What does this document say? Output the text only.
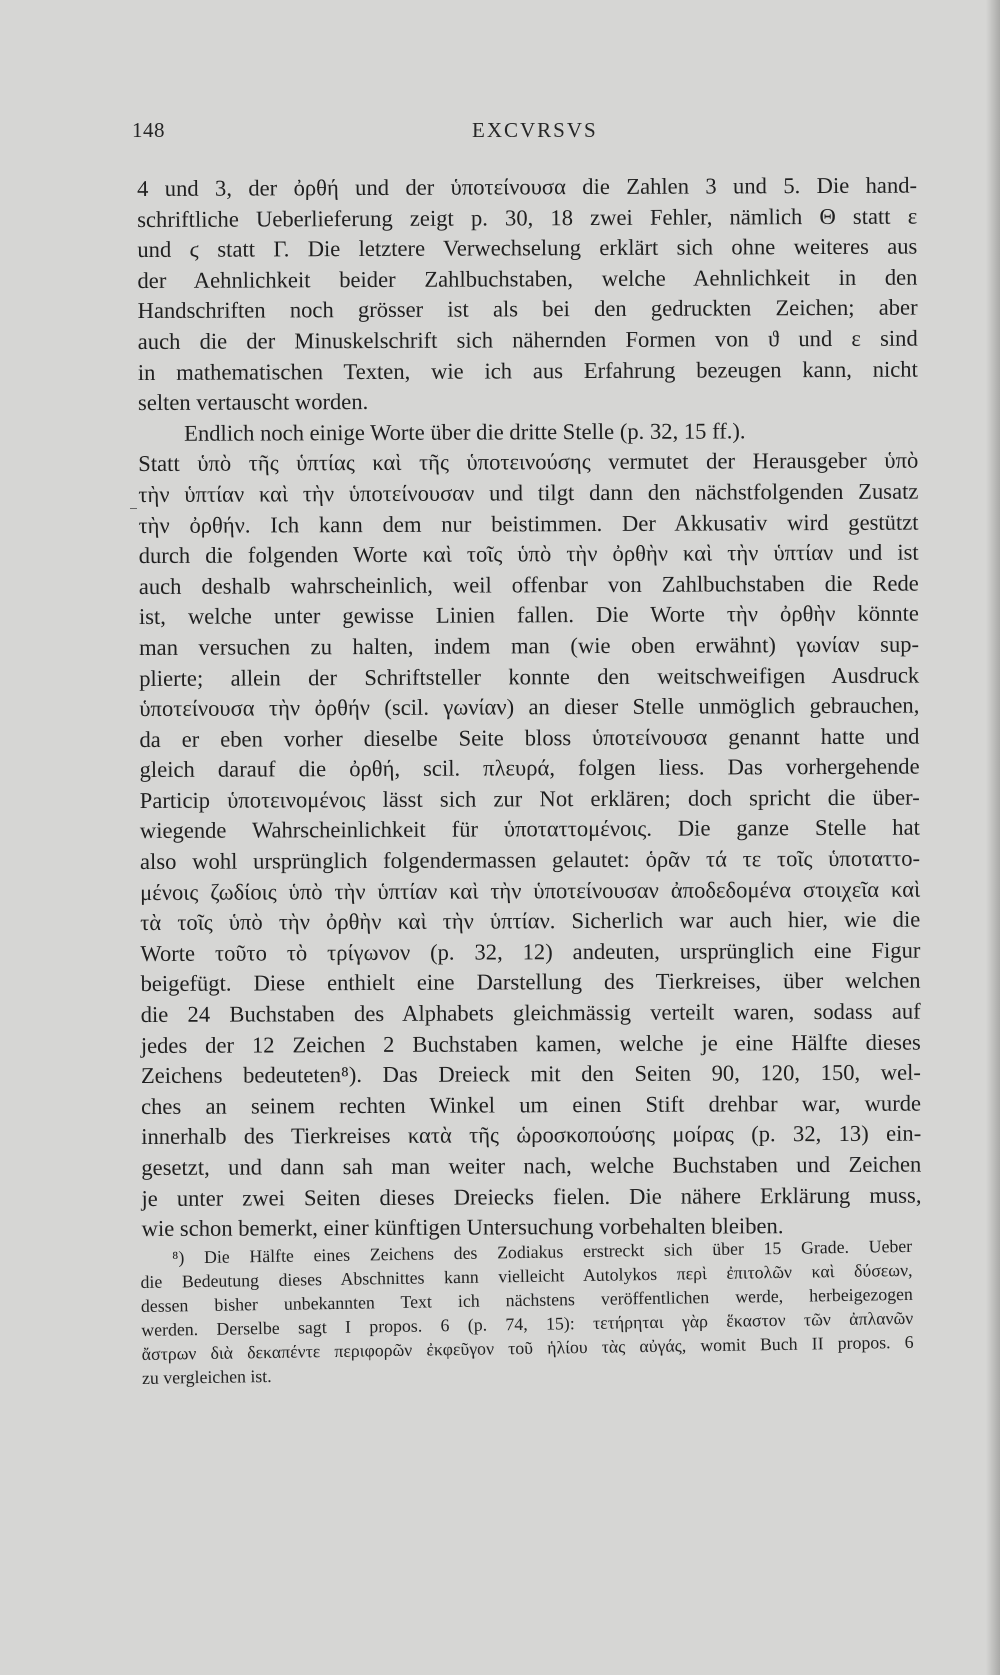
148	EXCVRSVS
4 und 3, der ὀρθή und der ὑποτείνουσα die Zahlen 3 und 5. Die hand-
schriftliche Ueberlieferung zeigt p. 30, 18 zwei Fehler, nämlich Θ statt ε
und ϛ statt Γ. Die letztere Verwechselung erklärt sich ohne weiteres aus
der Aehnlichkeit beider Zahlbuchstaben, welche Aehnlichkeit in den
Handschriften noch grösser ist als bei den gedruckten Zeichen; aber
auch die der Minuskelschrift sich nähernden Formen von ϑ und ε sind
in mathematischen Texten, wie ich aus Erfahrung bezeugen kann, nicht
selten vertauscht worden.
Endlich noch einige Worte über die dritte Stelle (p. 32, 15 ff.).
Statt ὑπὸ τῆς ὑπτίας καὶ τῆς ὑποτεινούσης vermutet der Herausgeber ὑπὸ
τὴν ὑπτίαν καὶ τὴν ὑποτείνουσαν und tilgt dann den nächstfolgenden Zusatz
τὴν ὀρθήν. Ich kann dem nur beistimmen. Der Akkusativ wird gestützt
durch die folgenden Worte καὶ τοῖς ὑπὸ τὴν ὀρθὴν καὶ τὴν ὑπτίαν und ist
auch deshalb wahrscheinlich, weil offenbar von Zahlbuchstaben die Rede
ist, welche unter gewisse Linien fallen. Die Worte τὴν ὀρθὴν könnte
man versuchen zu halten, indem man (wie oben erwähnt) γωνίαν sup-
plierte; allein der Schriftsteller konnte den weitschweifigen Ausdruck
ὑποτείνουσα τὴν ὀρθήν (scil. γωνίαν) an dieser Stelle unmöglich gebrauchen,
da er eben vorher dieselbe Seite bloss ὑποτείνουσα genannt hatte und
gleich darauf die ὀρθή, scil. πλευρά, folgen liess. Das vorhergehende
Particip ὑποτεινομένοις lässt sich zur Not erklären; doch spricht die über-
wiegende Wahrscheinlichkeit für ὑποταττομένοις. Die ganze Stelle hat
also wohl ursprünglich folgendermassen gelautet: ὁρᾶν τά τε τοῖς ὑποταττο-
μένοις ζωδίοις ὑπὸ τὴν ὑπτίαν καὶ τὴν ὑποτείνουσαν ἀποδεδομένα στοιχεῖα καὶ
τὰ τοῖς ὑπὸ τὴν ὀρθὴν καὶ τὴν ὑπτίαν. Sicherlich war auch hier, wie die
Worte τοῦτο τὸ τρίγωνον (p. 32, 12) andeuten, ursprünglich eine Figur
beigefügt. Diese enthielt eine Darstellung des Tierkreises, über welchen
die 24 Buchstaben des Alphabets gleichmässig verteilt waren, sodass auf
jedes der 12 Zeichen 2 Buchstaben kamen, welche je eine Hälfte dieses
Zeichens bedeuteten⁸). Das Dreieck mit den Seiten 90, 120, 150, wel-
ches an seinem rechten Winkel um einen Stift drehbar war, wurde
innerhalb des Tierkreises κατὰ τῆς ὡροσκοπούσης μοίρας (p. 32, 13) ein-
gesetzt, und dann sah man weiter nach, welche Buchstaben und Zeichen
je unter zwei Seiten dieses Dreiecks fielen. Die nähere Erklärung muss,
wie schon bemerkt, einer künftigen Untersuchung vorbehalten bleiben.
⁸) Die Hälfte eines Zeichens des Zodiakus erstreckt sich über 15 Grade. Ueber
die Bedeutung dieses Abschnittes kann vielleicht Autolykos περὶ ἐπιτολῶν καὶ δύσεων,
dessen bisher unbekannten Text ich nächstens veröffentlichen werde, herbeigezogen
werden. Derselbe sagt I propos. 6 (p. 74, 15): τετήρηται γὰρ ἕκαστον τῶν ἀπλανῶν
ἄστρων διὰ δεκαπέντε περιφορῶν ἐκφεῦγον τοῦ ἡλίου τὰς αὐγάς, womit Buch II propos. 6
zu vergleichen ist.
